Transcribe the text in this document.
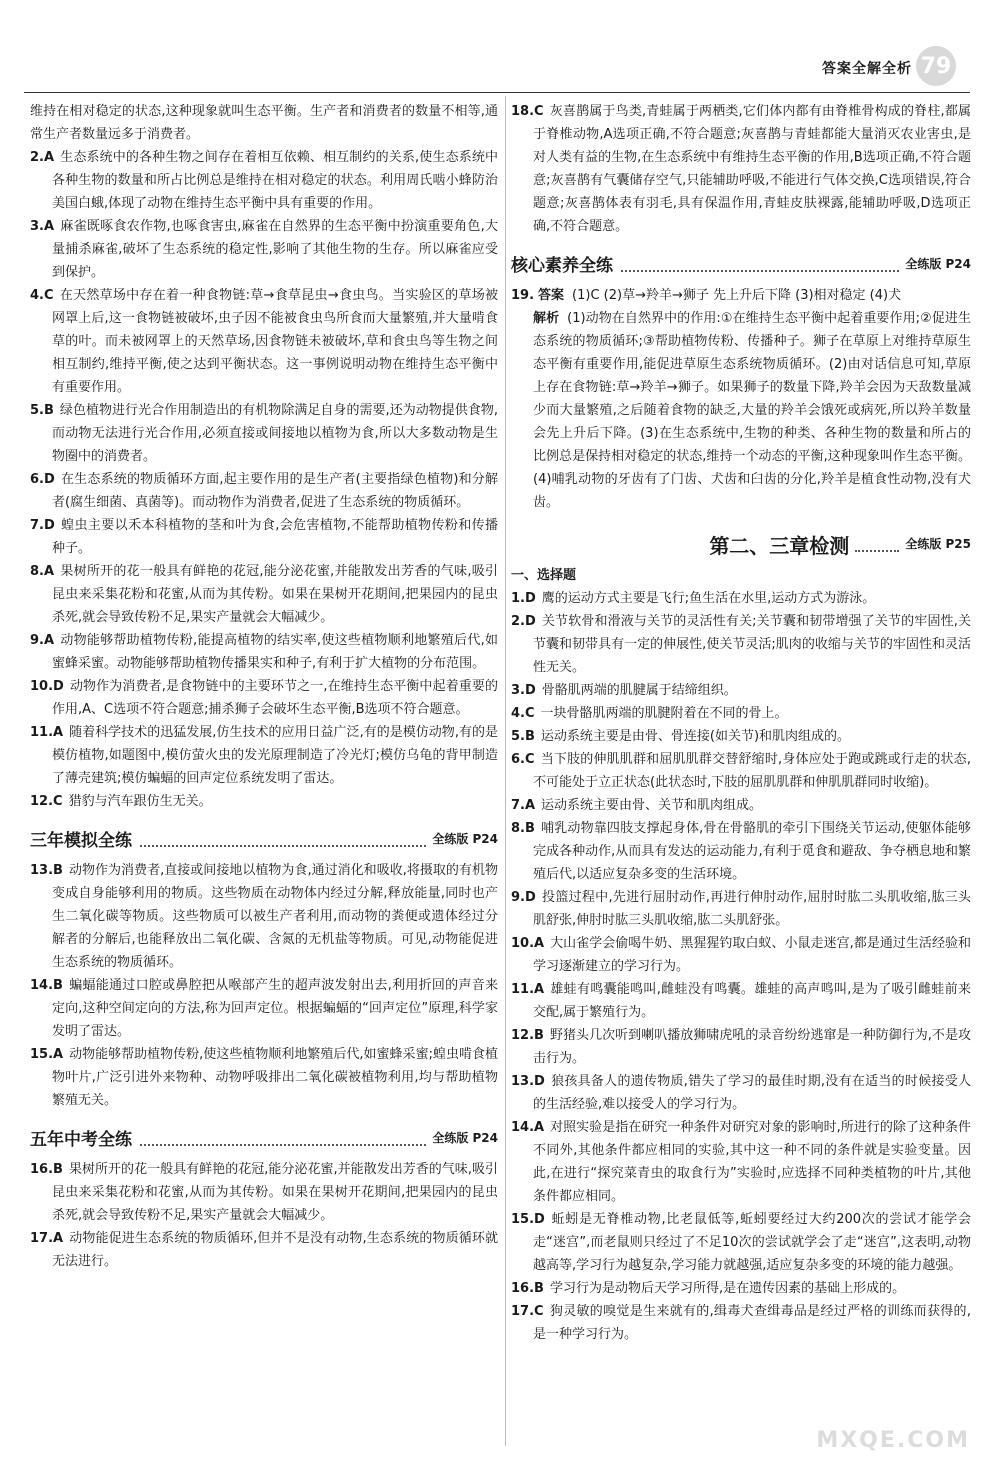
答案全解全析 79
维持在相对稳定的状态,这种现象就叫生态平衡。生产者和消费者的数量不相等,通常生产者数量远多于消费者。
2.A 生态系统中的各种生物之间存在着相互依赖、相互制约的关系,使生态系统中各种生物的数量和所占比例总是维持在相对稳定的状态。利用周氏啮小蜂防治美国白蛾,体现了动物在维持生态平衡中具有重要的作用。
3.A 麻雀既啄食农作物,也啄食害虫,麻雀在自然界的生态平衡中扮演重要角色,大量捕杀麻雀,破坏了生态系统的稳定性,影响了其他生物的生存。所以麻雀应受到保护。
4.C 在天然草场中存在着一种食物链:草→食草昆虫→食虫鸟。当实验区的草场被网罩上后,这一食物链被破坏,虫子因不能被食虫鸟所食而大量繁殖,并大量啃食草的叶。而未被网罩上的天然草场,因食物链未被破坏,草和食虫鸟等生物之间相互制约,维持平衡,使之达到平衡状态。这一事例说明动物在维持生态平衡中有重要作用。
5.B 绿色植物进行光合作用制造出的有机物除满足自身的需要,还为动物提供食物,而动物无法进行光合作用,必须直接或间接地以植物为食,所以大多数动物是生物圈中的消费者。
6.D 在生态系统的物质循环方面,起主要作用的是生产者(主要指绿色植物)和分解者(腐生细菌、真菌等)。而动物作为消费者,促进了生态系统的物质循环。
7.D 蝗虫主要以禾本科植物的茎和叶为食,会危害植物,不能帮助植物传粉和传播种子。
8.A 果树所开的花一般具有鲜艳的花冠,能分泌花蜜,并能散发出芳香的气味,吸引昆虫来采集花粉和花蜜,从而为其传粉。如果在果树开花期间,把果园内的昆虫杀死,就会导致传粉不足,果实产量就会大幅减少。
9.A 动物能够帮助植物传粉,能提高植物的结实率,使这些植物顺利地繁殖后代,如蜜蜂采蜜。动物能够帮助植物传播果实和种子,有利于扩大植物的分布范围。
10.D 动物作为消费者,是食物链中的主要环节之一,在维持生态平衡中起着重要的作用,A、C选项不符合题意;捕杀狮子会破坏生态平衡,B选项不符合题意。
11.A 随着科学技术的迅猛发展,仿生技术的应用日益广泛,有的是模仿动物,有的是模仿植物,如题图中,模仿萤火虫的发光原理制造了冷光灯;模仿乌龟的背甲制造了薄壳建筑;模仿蝙蝠的回声定位系统发明了雷达。
12.C 猎豹与汽车跟仿生无关。
三年模拟全练	全练版 P24
13.B 动物作为消费者,直接或间接地以植物为食,通过消化和吸收,将摄取的有机物变成自身能够利用的物质。这些物质在动物体内经过分解,释放能量,同时也产生二氧化碳等物质。这些物质可以被生产者利用,而动物的粪便或遗体经过分解者的分解后,也能释放出二氧化碳、含氮的无机盐等物质。可见,动物能促进生态系统的物质循环。
14.B 蝙蝠能通过口腔或鼻腔把从喉部产生的超声波发射出去,利用折回的声音来定向,这种空间定向的方法,称为回声定位。根据蝙蝠的“回声定位”原理,科学家发明了雷达。
15.A 动物能够帮助植物传粉,使这些植物顺利地繁殖后代,如蜜蜂采蜜;蝗虫啃食植物叶片,广泛引进外来物种、动物呼吸排出二氧化碳被植物利用,均与帮助植物繁殖无关。
五年中考全练	全练版 P24
16.B 果树所开的花一般具有鲜艳的花冠,能分泌花蜜,并能散发出芳香的气味,吸引昆虫来采集花粉和花蜜,从而为其传粉。如果在果树开花期间,把果园内的昆虫杀死,就会导致传粉不足,果实产量就会大幅减少。
17.A 动物能促进生态系统的物质循环,但并不是没有动物,生态系统的物质循环就无法进行。
18.C 灰喜鹊属于鸟类,青蛙属于两栖类,它们体内都有由脊椎骨构成的脊柱,都属于脊椎动物,A选项正确,不符合题意;灰喜鹊与青蛙都能大量消灭农业害虫,是对人类有益的生物,在生态系统中有维持生态平衡的作用,B选项正确,不符合题意;灰喜鹊有气囊储存空气,只能辅助呼吸,不能进行气体交换,C选项错误,符合题意;灰喜鹊体表有羽毛,具有保温作用,青蛙皮肤裸露,能辅助呼吸,D选项正确,不符合题意。
核心素养全练	全练版 P24
19. 答案 (1)C (2)草→羚羊→狮子 先上升后下降 (3)相对稳定 (4)犬
解析 (1)动物在自然界中的作用:①在维持生态平衡中起着重要作用;②促进生态系统的物质循环;③帮助植物传粉、传播种子。狮子在草原上对维持草原生态平衡有重要作用,能促进草原生态系统物质循环。(2)由对话信息可知,草原上存在食物链:草→羚羊→狮子。如果狮子的数量下降,羚羊会因为天敌数量减少而大量繁殖,之后随着食物的缺乏,大量的羚羊会饿死或病死,所以羚羊数量会先上升后下降。(3)在生态系统中,生物的种类、各种生物的数量和所占的比例总是保持相对稳定的状态,维持一个动态的平衡,这种现象叫作生态平衡。(4)哺乳动物的牙齿有了门齿、犬齿和臼齿的分化,羚羊是植食性动物,没有犬齿。
第二、三章检测	全练版 P25
一、选择题
1.D 鹰的运动方式主要是飞行;鱼生活在水里,运动方式为游泳。
2.D 关节软骨和滑液与关节的灵活性有关;关节囊和韧带增强了关节的牢固性,关节囊和韧带具有一定的伸展性,使关节灵活;肌肉的收缩与关节的牢固性和灵活性无关。
3.D 骨骼肌两端的肌腱属于结缔组织。
4.C 一块骨骼肌两端的肌腱附着在不同的骨上。
5.B 运动系统主要是由骨、骨连接(如关节)和肌肉组成的。
6.C 当下肢的伸肌肌群和屈肌肌群交替舒缩时,身体应处于跑或跳或行走的状态,不可能处于立正状态(此状态时,下肢的屈肌肌群和伸肌肌群同时收缩)。
7.A 运动系统主要由骨、关节和肌肉组成。
8.B 哺乳动物靠四肢支撑起身体,骨在骨骼肌的牵引下围绕关节运动,使躯体能够完成各种动作,从而具有发达的运动能力,有利于觅食和避敌、争夺栖息地和繁殖后代,以适应复杂多变的生活环境。
9.D 投篮过程中,先进行屈肘动作,再进行伸肘动作,屈肘时肱二头肌收缩,肱三头肌舒张,伸肘时肱三头肌收缩,肱二头肌舒张。
10.A 大山雀学会偷喝牛奶、黑猩猩钓取白蚁、小鼠走迷宫,都是通过生活经验和学习逐渐建立的学习行为。
11.A 雄蛙有鸣囊能鸣叫,雌蛙没有鸣囊。雄蛙的高声鸣叫,是为了吸引雌蛙前来交配,属于繁殖行为。
12.B 野猪头几次听到喇叭播放狮啸虎吼的录音纷纷逃窜是一种防御行为,不是攻击行为。
13.D 狼孩具备人的遗传物质,错失了学习的最佳时期,没有在适当的时候接受人的生活经验,难以接受人的学习行为。
14.A 对照实验是指在研究一种条件对研究对象的影响时,所进行的除了这种条件不同外,其他条件都应相同的实验,其中这一种不同的条件就是实验变量。因此,在进行“探究菜青虫的取食行为”实验时,应选择不同种类植物的叶片,其他条件都应相同。
15.D 蚯蚓是无脊椎动物,比老鼠低等,蚯蚓要经过大约200次的尝试才能学会走“迷宫”,而老鼠则只经过了不足10次的尝试就学会了走“迷宫”,这表明,动物越高等,学习行为越复杂,学习能力就越强,适应复杂多变的环境的能力越强。
16.B 学习行为是动物后天学习所得,是在遗传因素的基础上形成的。
17.C 狗灵敏的嗅觉是生来就有的,缉毒犬查缉毒品是经过严格的训练而获得的,是一种学习行为。
MXQE.COM
